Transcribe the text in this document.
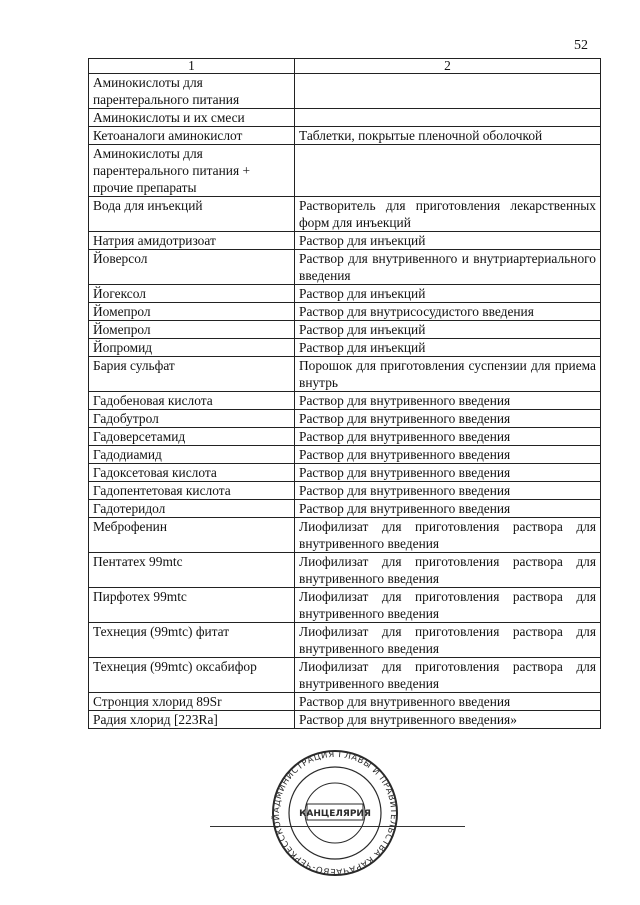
52
1	2
Аминокислоты для парентерального питания	
Аминокислоты и их смеси	
Кетоаналоги аминокислот	Таблетки, покрытые пленочной оболочкой
Аминокислоты для парентерального питания + прочие препараты	
Вода для инъекций	Растворитель для приготовления лекарственных форм для инъекций
Натрия амидотризоат	Раствор для инъекций
Йоверсол	Раствор для внутривенного и внутриартериального введения
Йогексол	Раствор для инъекций
Йомепрол	Раствор для внутрисосудистого введения
Йомепрол	Раствор для инъекций
Йопромид	Раствор для инъекций
Бария сульфат	Порошок для приготовления суспензии для приема внутрь
Гадобеновая кислота	Раствор для внутривенного введения
Гадобутрол	Раствор для внутривенного введения
Гадоверсетамид	Раствор для внутривенного введения
Гадодиамид	Раствор для внутривенного введения
Гадоксетовая кислота	Раствор для внутривенного введения
Гадопентетовая кислота	Раствор для внутривенного введения
Гадотеридол	Раствор для внутривенного введения
Меброфенин	Лиофилизат для приготовления раствора для внутривенного введения
Пентатех 99mtc	Лиофилизат для приготовления раствора для внутривенного введения
Пирфотех 99mtc	Лиофилизат для приготовления раствора для внутривенного введения
Технеция (99mtc) фитат	Лиофилизат для приготовления раствора для внутривенного введения
Технеция (99mtc) оксабифор	Лиофилизат для приготовления раствора для внутривенного введения
Стронция хлорид 89Sr	Раствор для внутривенного введения
Радия хлорид [223Ra]	Раствор для внутривенного введения»
АДМИНИСТРАЦИЯ ГЛАВЫ И ПРАВИТЕЛЬСТВА КАРАЧАЕВО-ЧЕРКЕССКОЙ	КАНЦЕЛЯРИЯ
